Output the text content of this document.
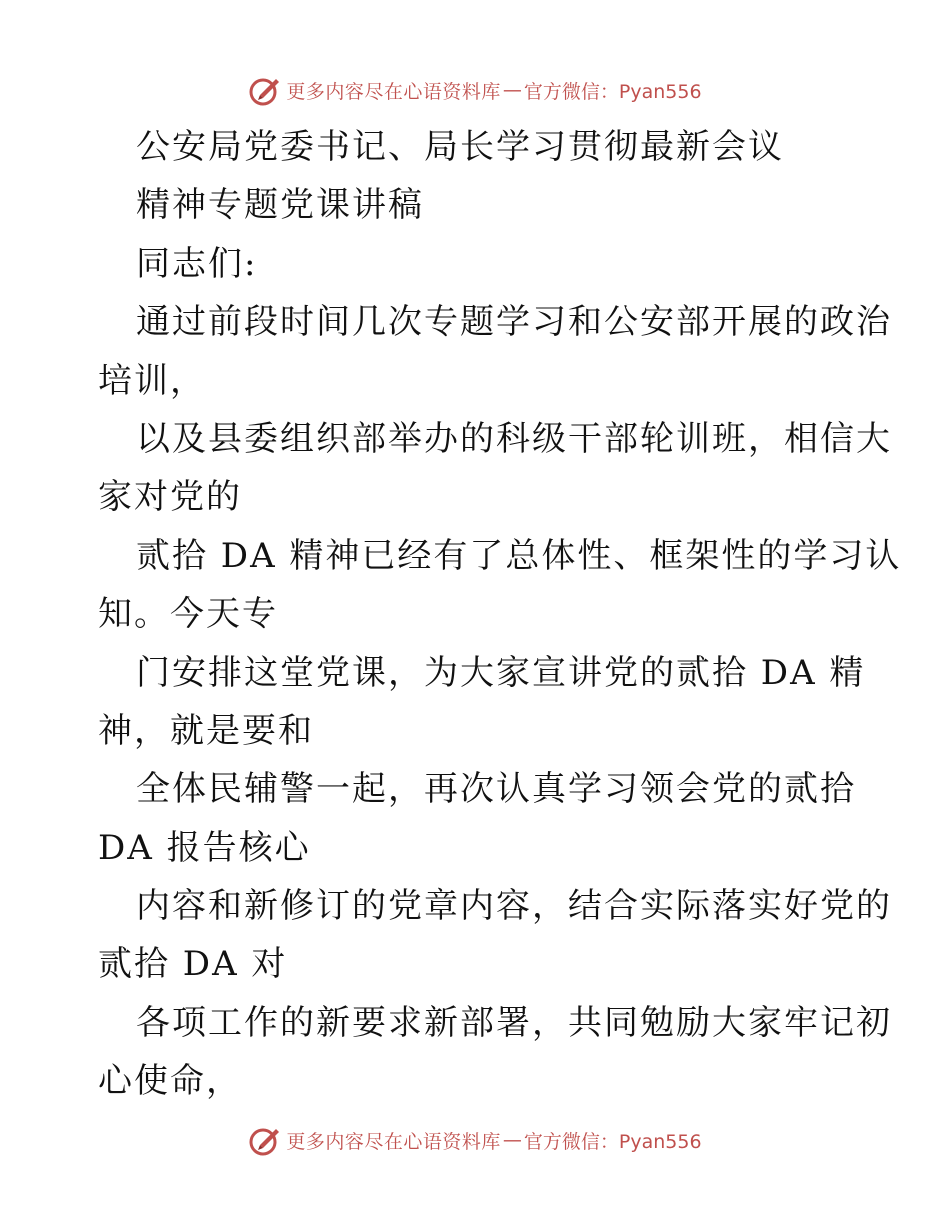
更多内容尽在心语资料库 — 官方微信：Pyan556
公安局党委书记、局长学习贯彻最新会议
精神专题党课讲稿
同志们:
通过前段时间几次专题学习和公安部开展的政治
培训，
以及县委组织部举办的科级干部轮训班，相信大
家对党的
贰拾 DA 精神已经有了总体性、框架性的学习认
知。今天专
门安排这堂党课，为大家宣讲党的贰拾 DA 精
神，就是要和
全体民辅警一起，再次认真学习领会党的贰拾
DA 报告核心
内容和新修订的党章内容，结合实际落实好党的
贰拾 DA 对
各项工作的新要求新部署，共同勉励大家牢记初
心使命，
更多内容尽在心语资料库 — 官方微信：Pyan556
